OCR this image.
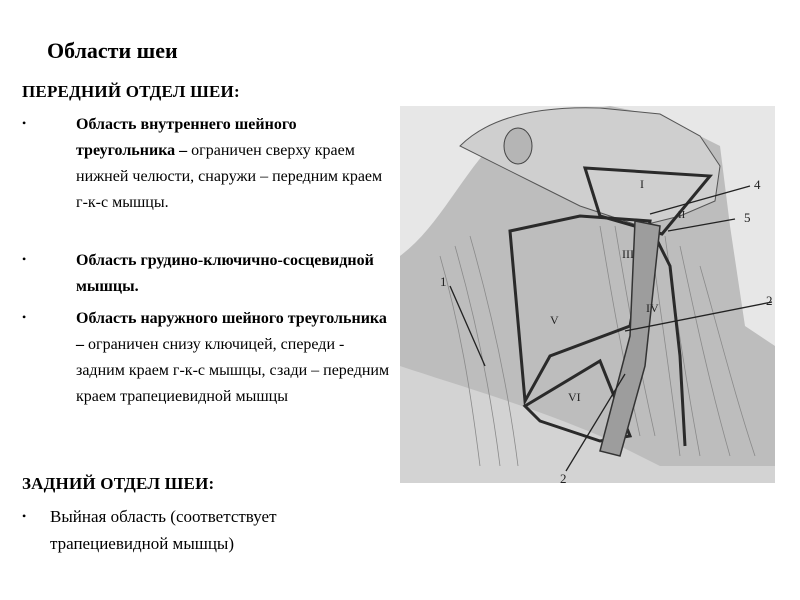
Области шеи
ПЕРЕДНИЙ ОТДЕЛ ШЕИ:
•	Область внутреннего шейного треугольника – ограничен сверху краем нижней челюсти, снаружи – передним краем г-к-с мышцы.
•	Область грудино-ключично-сосцевидной мышцы.
•	Область наружного шейного треугольника – ограничен снизу ключицей, спереди - задним краем г-к-с мышцы, сзади – передним краем трапециевидной мышцы
ЗАДНИЙ ОТДЕЛ ШЕИ:
• Выйная область (соответствует трапециевидной мышцы)
I
II
III
IV
V
VI
1
2
2
4
5
